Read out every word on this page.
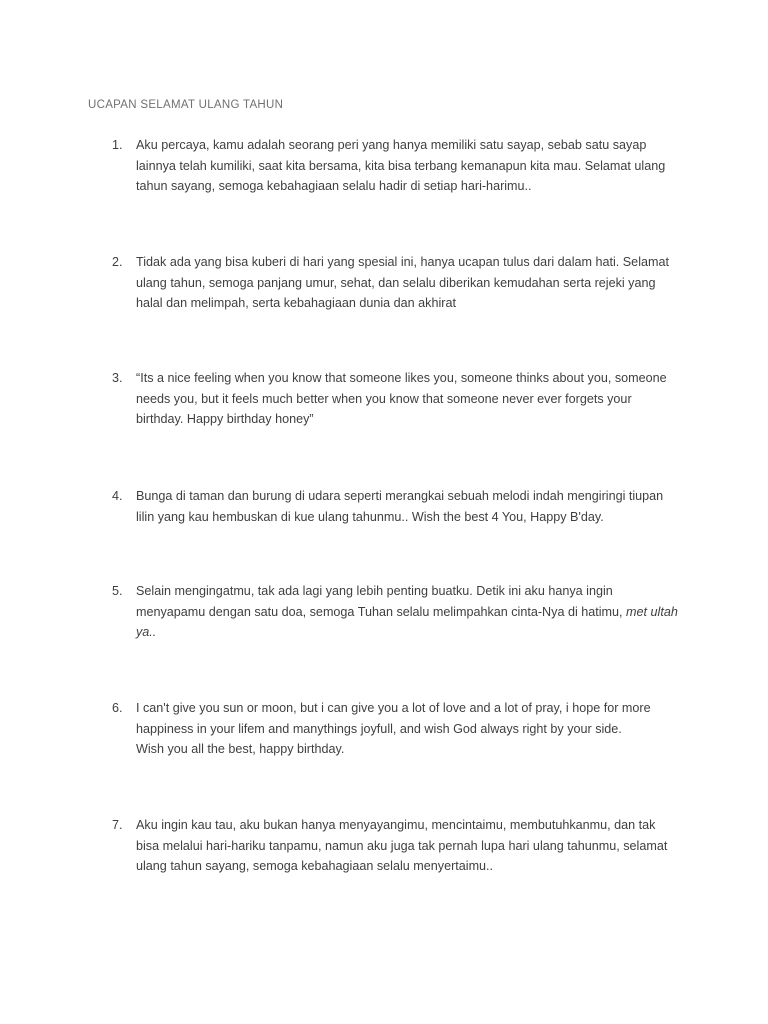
UCAPAN SELAMAT ULANG TAHUN
1. Aku percaya, kamu adalah seorang peri yang hanya memiliki satu sayap, sebab satu sayap
lainnya telah kumiliki, saat kita bersama, kita bisa terbang kemanapun kita mau. Selamat ulang
tahun sayang, semoga kebahagiaan selalu hadir di setiap hari-harimu..
2. Tidak ada yang bisa kuberi di hari yang spesial ini, hanya ucapan tulus dari dalam hati. Selamat
ulang tahun, semoga panjang umur, sehat, dan selalu diberikan kemudahan serta rejeki yang
halal dan melimpah, serta kebahagiaan dunia dan akhirat
3. “Its a nice feeling when you know that someone likes you, someone thinks about you, someone
needs you, but it feels much better when you know that someone never ever forgets your
birthday. Happy birthday honey”
4. Bunga di taman dan burung di udara seperti merangkai sebuah melodi indah mengiringi tiupan
lilin yang kau hembuskan di kue ulang tahunmu.. Wish the best 4 You, Happy B'day.
5. Selain mengingatmu, tak ada lagi yang lebih penting buatku. Detik ini aku hanya ingin
menyapamu dengan satu doa, semoga Tuhan selalu melimpahkan cinta-Nya di hatimu, met ultah
ya..
6. I can't give you sun or moon, but i can give you a lot of love and a lot of pray, i hope for more
happiness in your lifem and manythings joyfull, and wish God always right by your side.
Wish you all the best, happy birthday.
7. Aku ingin kau tau, aku bukan hanya menyayangimu, mencintaimu, membutuhkanmu, dan tak
bisa melalui hari-hariku tanpamu, namun aku juga tak pernah lupa hari ulang tahunmu, selamat
ulang tahun sayang, semoga kebahagiaan selalu menyertaimu..
